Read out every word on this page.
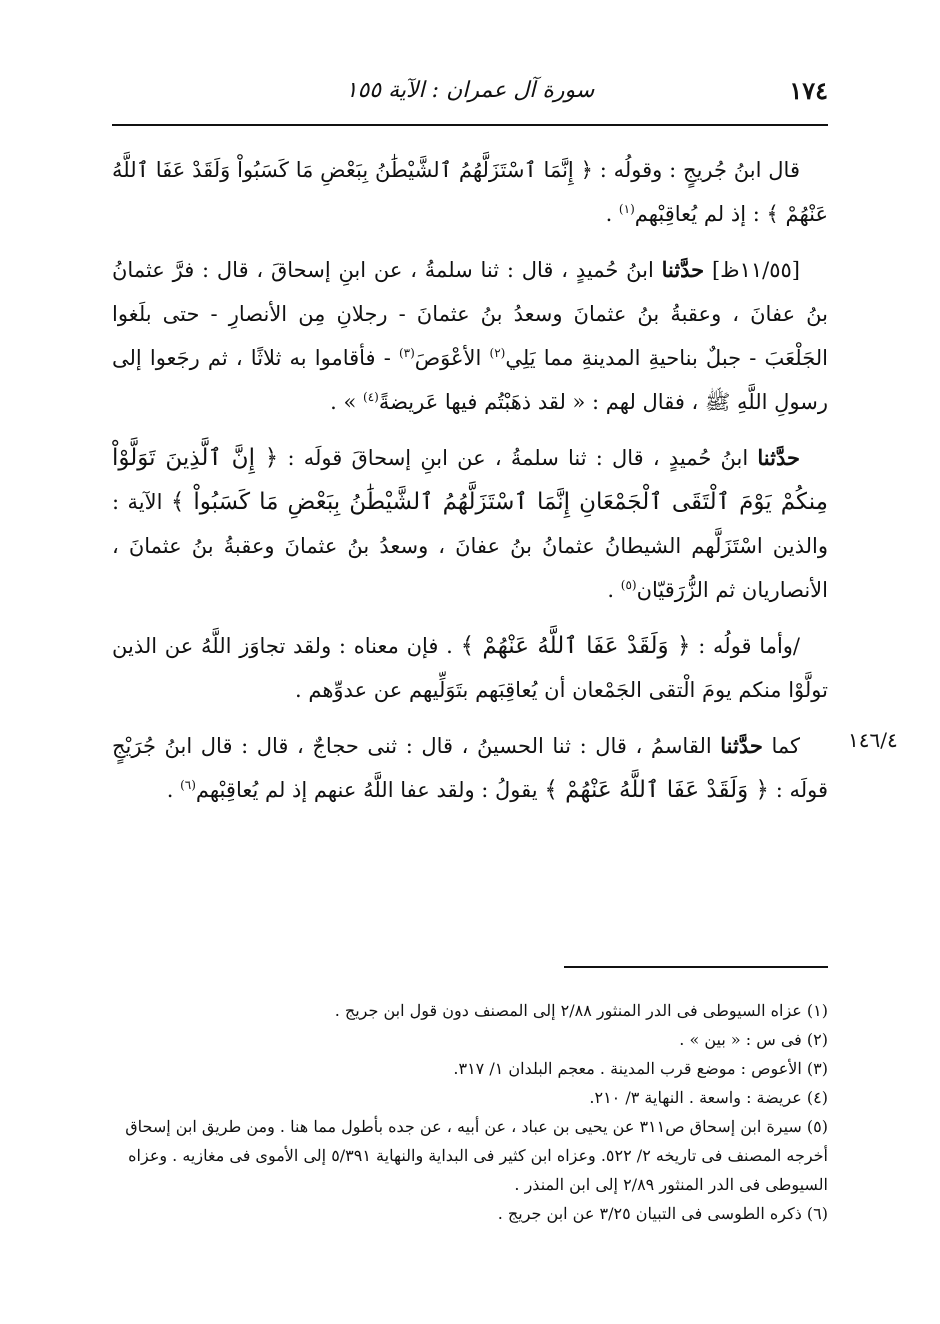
١٧٤
سورة آل عمران : الآية ١٥٥

قال ابنُ جُريجٍ : وقولُه : ﴿ إِنَّمَا ٱسْتَزَلَّهُمُ ٱلشَّيْطَٰنُ بِبَعْضِ مَا كَسَبُواْ وَلَقَدْ عَفَا ٱللَّهُ عَنْهُمْ ﴾ : إذ لم يُعاقِبْهم$^{(١)}$ .

[١١/٥٥ظ] حدَّثنا ابنُ حُميدٍ ، قال : ثنا سلمةُ ، عن ابنِ إسحاقَ ، قال : فرَّ عثمانُ بنُ عفانَ ، وعقبةُ بنُ عثمانَ وسعدُ بنُ عثمانَ - رجلانِ مِن الأنصارِ - حتى بلَغوا الجَلْعَبَ - جبلٌ بناحيةِ المدينةِ مما يَلِي$^{(٢)}$ الأعْوَصَ$^{(٣)}$ - فأقاموا به ثلاثًا ، ثم رجَعوا إلى رسولِ اللَّهِ ﷺ ، فقال لهم : « لقد ذهَبْتُم فيها عَريضةً$^{(٤)}$ » .

حدَّثنا ابنُ حُميدٍ ، قال : ثنا سلمةُ ، عن ابنِ إسحاقَ قولَه : ﴿ إِنَّ ٱلَّذِينَ تَوَلَّوْاْ مِنكُمْ يَوْمَ ٱلْتَقَى ٱلْجَمْعَانِ إِنَّمَا ٱسْتَزَلَّهُمُ ٱلشَّيْطَٰنُ بِبَعْضِ مَا كَسَبُواْ ﴾ الآية : والذين اسْتَزَلَّهم الشيطانُ عثمانُ بنُ عفانَ ، وسعدُ بنُ عثمانَ وعقبةُ بنُ عثمانَ ، الأنصاريان ثم الزُّرَقيّان$^{(٥)}$ .

/وأما قولُه : ﴿ وَلَقَدْ عَفَا ٱللَّهُ عَنْهُمْ ﴾ . فإن معناه : ولقد تجاوَز اللَّهُ عن الذين تولَّوْا منكم يومَ الْتقى الجَمْعان أن يُعاقِبَهم بتَوَلِّيهم عن عدوِّهم .

كما حدَّثنا القاسمُ ، قال : ثنا الحسينُ ، قال : ثنى حجاجٌ ، قال : قال ابنُ جُرَيْجٍ قولَه : ﴿ وَلَقَدْ عَفَا ٱللَّهُ عَنْهُمْ ﴾ يقولُ : ولقد عفا اللَّهُ عنهم إذ لم يُعاقِبْهم$^{(٦)}$ .

١٤٦/٤

(١) عزاه السيوطى فى الدر المنثور ٢/٨٨ إلى المصنف دون قول ابن جريج .

(٢) فى س : « بين » .

(٣) الأعوص : موضع قرب المدينة . معجم البلدان ١/ ٣١٧.

(٤) عريضة : واسعة . النهاية ٣/ ٢١٠.

(٥) سيرة ابن إسحاق ص٣١١ عن يحيى بن عباد ، عن أبيه ، عن جده بأطول مما هنا . ومن طريق ابن إسحاق أخرجه المصنف فى تاريخه ٢/ ٥٢٢. وعزاه ابن كثير فى البداية والنهاية ٥/٣٩١ إلى الأموى فى مغازيه . وعزاه السيوطى فى الدر المنثور ٢/٨٩ إلى ابن المنذر .

(٦) ذكره الطوسى فى التبيان ٣/٢٥ عن ابن جريج .
